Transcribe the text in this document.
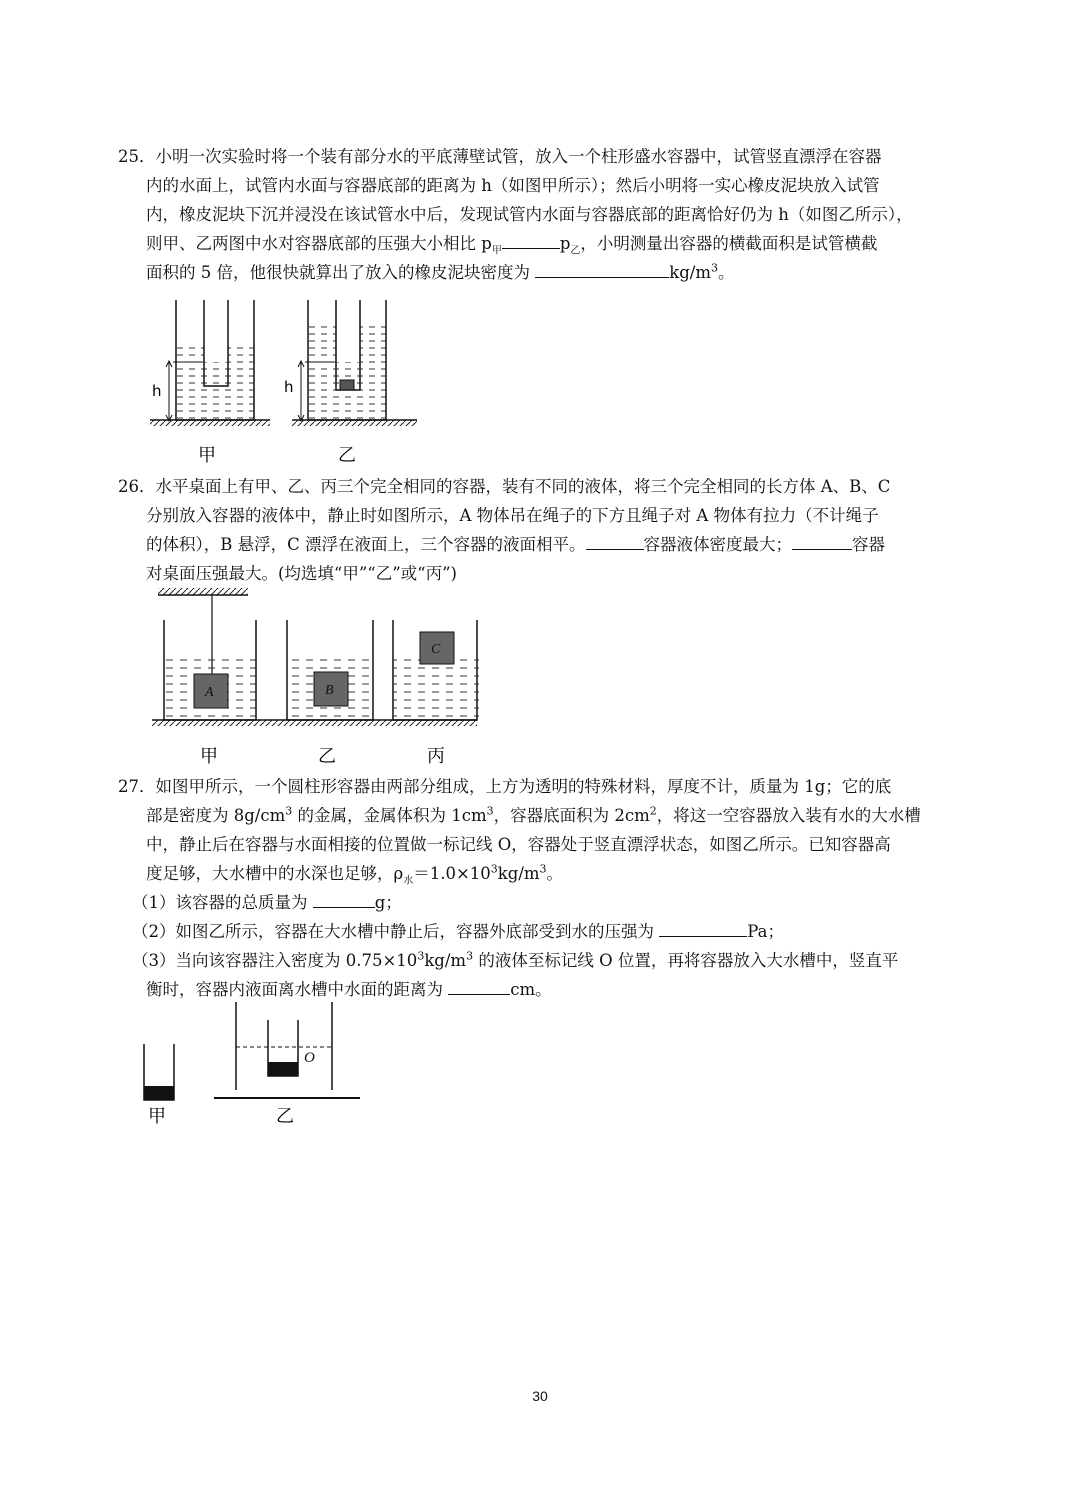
25．小明一次实验时将一个装有部分水的平底薄壁试管，放入一个柱形盛水容器中，试管竖直漂浮在容器

内的水面上，试管内水面与容器底部的距离为 h（如图甲所示）；然后小明将一实心橡皮泥块放入试管

内，橡皮泥块下沉并浸没在该试管水中后，发现试管内水面与容器底部的距离恰好仍为 h（如图乙所示），

则甲、乙两图中水对容器底部的压强大小相比 $p_甲$	$p_乙$，小明测量出容器的横截面积是试管横截

面积的 5 倍，他很快就算出了放入的橡皮泥块密度为	$kg/m^3$。

h	h
甲	乙

26．水平桌面上有甲、乙、丙三个完全相同的容器，装有不同的液体，将三个完全相同的长方体 A、B、C

分别放入容器的液体中，静止时如图所示，A 物体吊在绳子的下方且绳子对 A 物体有拉力（不计绳子

的体积），B 悬浮，C 漂浮在液面上，三个容器的液面相平。	容器液体密度最大；	容器

对桌面压强最大。(均选填“甲”“乙”或“丙”)

A	B
C
甲	乙	丙

27．如图甲所示，一个圆柱形容器由两部分组成，上方为透明的特殊材料，厚度不计，质量为 1g；它的底

部是密度为 $8g/cm^3$ 的金属，金属体积为 $1cm^3$，容器底面积为 $2cm^2$，将这一空容器放入装有水的大水槽

中，静止后在容器与水面相接的位置做一标记线 O，容器处于竖直漂浮状态，如图乙所示。已知容器高

度足够，大水槽中的水深也足够，$\rho_水=1.0\times 10^3kg/m^3$。

（1）该容器的总质量为	g；

（2）如图乙所示，容器在大水槽中静止后，容器外底部受到水的压强为	Pa；

（3）当向该容器注入密度为 $0.75\times 10^3kg/m^3$ 的液体至标记线 O 位置，再将容器放入大水槽中，竖直平

衡时，容器内液面离水槽中水面的距离为	cm。

甲
O
乙
30
